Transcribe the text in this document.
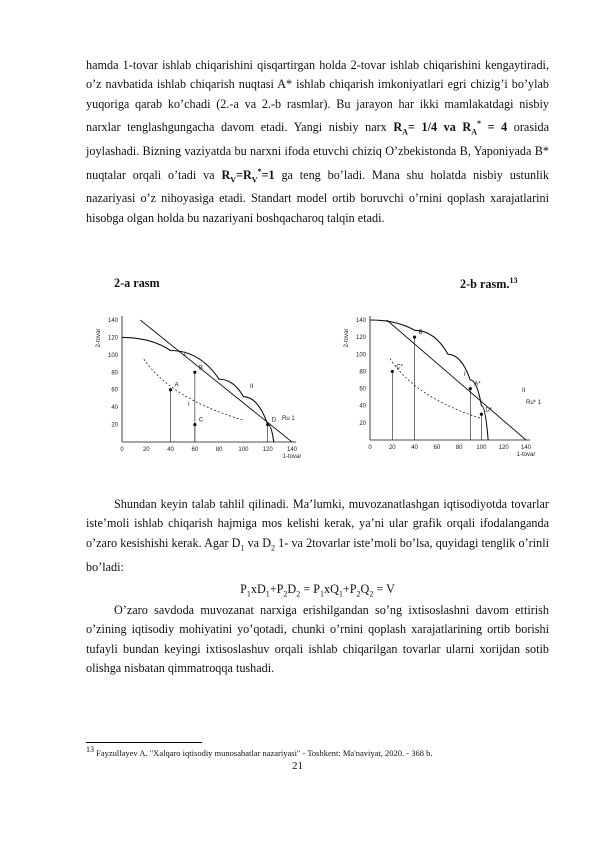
hamda 1-tovar ishlab chiqarishini qisqartirgan holda 2-tovar ishlab chiqarishini kengaytiradi, o’z navbatida ishlab chiqarish nuqtasi A* ishlab chiqarish imkoniyatlari egri chizig’i bo’ylab yuqoriga qarab ko’chadi (2.-a va 2.-b rasmlar). Bu jarayon har ikki mamlakatdagi nisbiy narxlar tenglashgungacha davom etadi. Yangi nisbiy narx $R_A= 1/4$ va $R_A^* = 4$ orasida joylashadi. Bizning vaziyatda bu narxni ifoda etuvchi chiziq O’zbekistonda B, Yaponiyada B* nuqtalar orqali o’tadi va $R_V=R_V^*=1$ ga teng bo’ladi. Mana shu holatda nisbiy ustunlik nazariyasi o’z nihoyasiga etadi. Standart model ortib boruvchi o’rnini qoplash xarajatlarini hisobga olgan holda bu nazariyani boshqacharoq talqin etadi.

2-a rasm	2-b rasm.$^{13}$
0	20	40	60	80	100 120 140
20
40
60
80
100
120
140
2-tovar
1-tovar
A
B
C	D
I
I
II
Ru 1
0	20	40	60	80 100 120 140
20
40
60
80
100
120
140
2-tovar
1-tovar
B
C*
A*
D*
I
II
Ru* 1

Shundan keyin talab tahlil qilinadi. Ma’lumki, muvozanatlashgan iqtisodiyotda tovarlar iste’moli ishlab chiqarish hajmiga mos kelishi kerak, ya’ni ular grafik orqali ifodalanganda o’zaro kesishishi kerak. Agar $D_1$ va $D_2$ 1- va 2tovarlar iste’moli bo’lsa, quyidagi tenglik o’rinli bo’ladi:

$P_1xD_1+P_2D_2 = P_1xQ_1+P_2Q_2 = V$

O’zaro savdoda muvozanat narxiga erishilgandan so’ng ixtisoslashni davom ettirish o’zining iqtisodiy mohiyatini yo’qotadi, chunki o’rnini qoplash xarajatlarining ortib borishi tufayli bundan keyingi ixtisoslashuv orqali ishlab chiqarilgan tovarlar ularni xorijdan sotib olishga nisbatan qimmatroqqa tushadi.

$^{13}$ Fayzullayev A. "Xalqaro iqtisodiy munosabatlar nazariyasi" - Toshkent: Ma'naviyat, 2020. - 368 b.
21
